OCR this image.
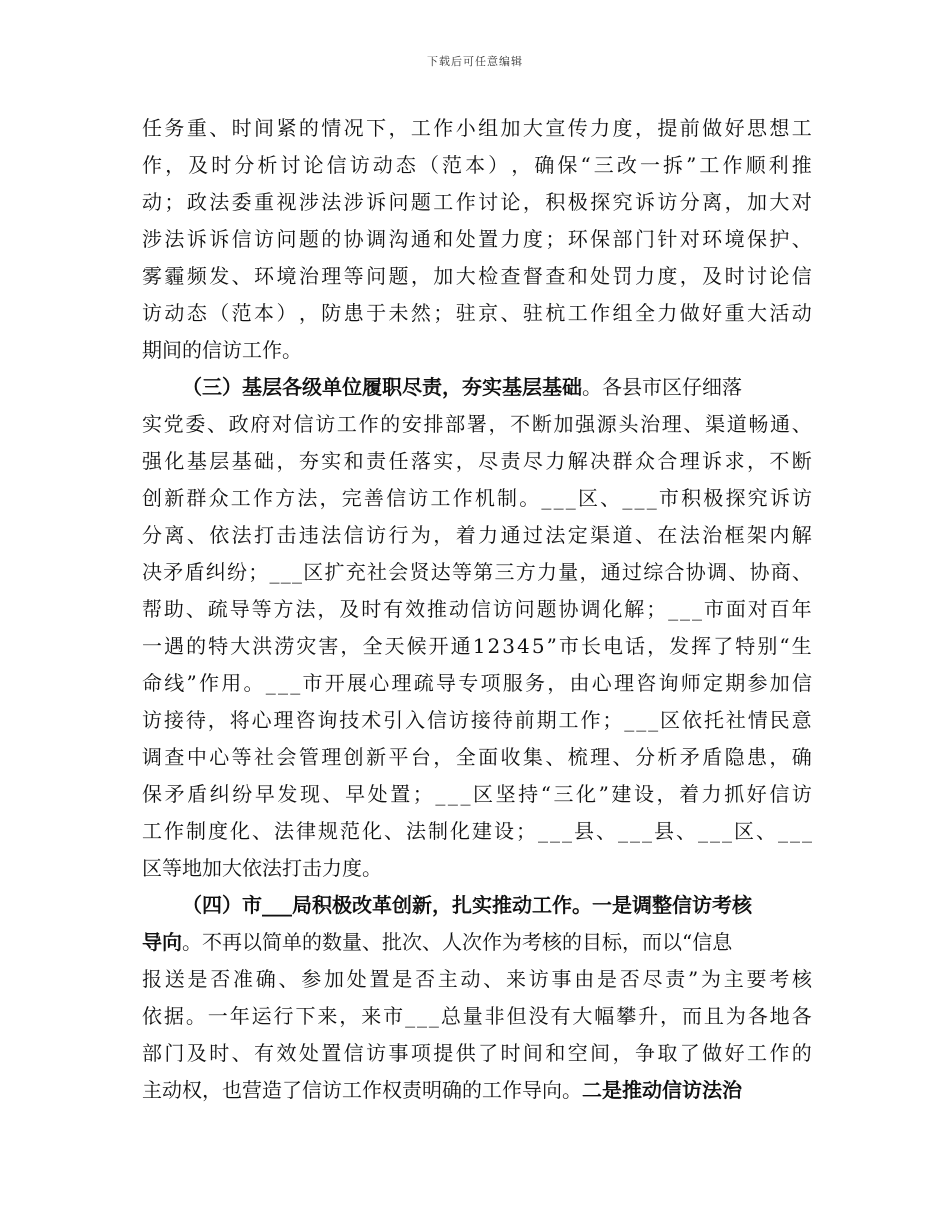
下载后可任意编辑
任 务 重 、 时 间 紧 的 情 况 下 ， 工 作 小 组 加 大 宣 传 力 度 ， 提 前 做 好 思 想 工
作 ， 及 时 分 析 讨 论 信 访 动 态 （ 范 本 ） ， 确 保 “ 三 改 一 拆 ” 工 作 顺 利 推
动 ； 政 法 委 重 视 涉 法 涉 诉 问 题 工 作 讨 论 ， 积 极 探 究 诉 访 分 离 ， 加 大 对
涉 法 诉 诉 信 访 问 题 的 协 调 沟 通 和 处 置 力 度 ； 环 保 部 门 针 对 环 境 保 护 、
雾 霾 频 发 、 环 境 治 理 等 问 题 ， 加 大 检 查 督 查 和 处 罚 力 度 ， 及 时 讨 论 信
访 动 态 （ 范 本 ） ， 防 患 于 未 然 ； 驻 京 、 驻 杭 工 作 组 全 力 做 好 重 大 活 动
期间的信访工作。
（三）基层各级单位履职尽责，夯实基层基础 。各县市区仔细落
实 党 委 、 政 府 对 信 访 工 作 的 安 排 部 署 ， 不 断 加 强 源 头 治 理 、 渠 道 畅 通 、
强 化 基 层 基 础 ， 夯 实 和 责 任 落 实 ， 尽 责 尽 力 解 决 群 众 合 理 诉 求 ， 不 断
创 新 群 众 工 作 方 法 ， 完 善 信 访 工 作 机 制 。 _ _ _ 区 、 _ _ _ 市 积 极 探 究 诉 访
分 离 、 依 法 打 击 违 法 信 访 行 为 ， 着 力 通 过 法 定 渠 道 、 在 法 治 框 架 内 解
决 矛 盾 纠 纷 ； _ _ _ 区 扩 充 社 会 贤 达 等 第 三 方 力 量 ， 通 过 综 合 协 调 、 协 商 、
帮 助 、 疏 导 等 方 法 ， 及 时 有 效 推 动 信 访 问 题 协 调 化 解 ； _ _ _ 市 面 对 百 年
一 遇 的 特 大 洪 涝 灾 害 ， 全 天 候 开 通 1 2 3 4 5 ” 市 长 电 话 ， 发 挥 了 特 别 “ 生
命 线 ” 作 用 。 _ _ _ 市 开 展 心 理 疏 导 专 项 服 务 ， 由 心 理 咨 询 师 定 期 参 加 信
访 接 待 ， 将 心 理 咨 询 技 术 引 入 信 访 接 待 前 期 工 作 ； _ _ _ 区 依 托 社 情 民 意
调 查 中 心 等 社 会 管 理 创 新 平 台 ， 全 面 收 集 、 梳 理 、 分 析 矛 盾 隐 患 ， 确
保 矛 盾 纠 纷 早 发 现 、 早 处 置 ； _ _ _ 区 坚 持 “ 三 化 ” 建 设 ， 着 力 抓 好 信 访
工 作 制 度 化 、 法 律 规 范 化 、 法 制 化 建 设 ； _ _ _ 县 、 _ _ _ 县 、 _ _ _ 区 、 _ _ _
区等地加大依法打击力度。
（四）市___局积极改革创新，扎实推动工作。一是调整信访考核
导向 。不再以简单的数量、批次、人次作为考核的目标，而以“信息
报 送 是 否 准 确 、 参 加 处 置 是 否 主 动 、 来 访 事 由 是 否 尽 责 ” 为 主 要 考 核
依 据 。 一 年 运 行 下 来 ， 来 市 _ _ _ 总 量 非 但 没 有 大 幅 攀 升 ， 而 且 为 各 地 各
部 门 及 时 、 有 效 处 置 信 访 事 项 提 供 了 时 间 和 空 间 ， 争 取 了 做 好 工 作 的
主动权，也营造了信访工作权责明确的工作导向。 二是推动信访法治
